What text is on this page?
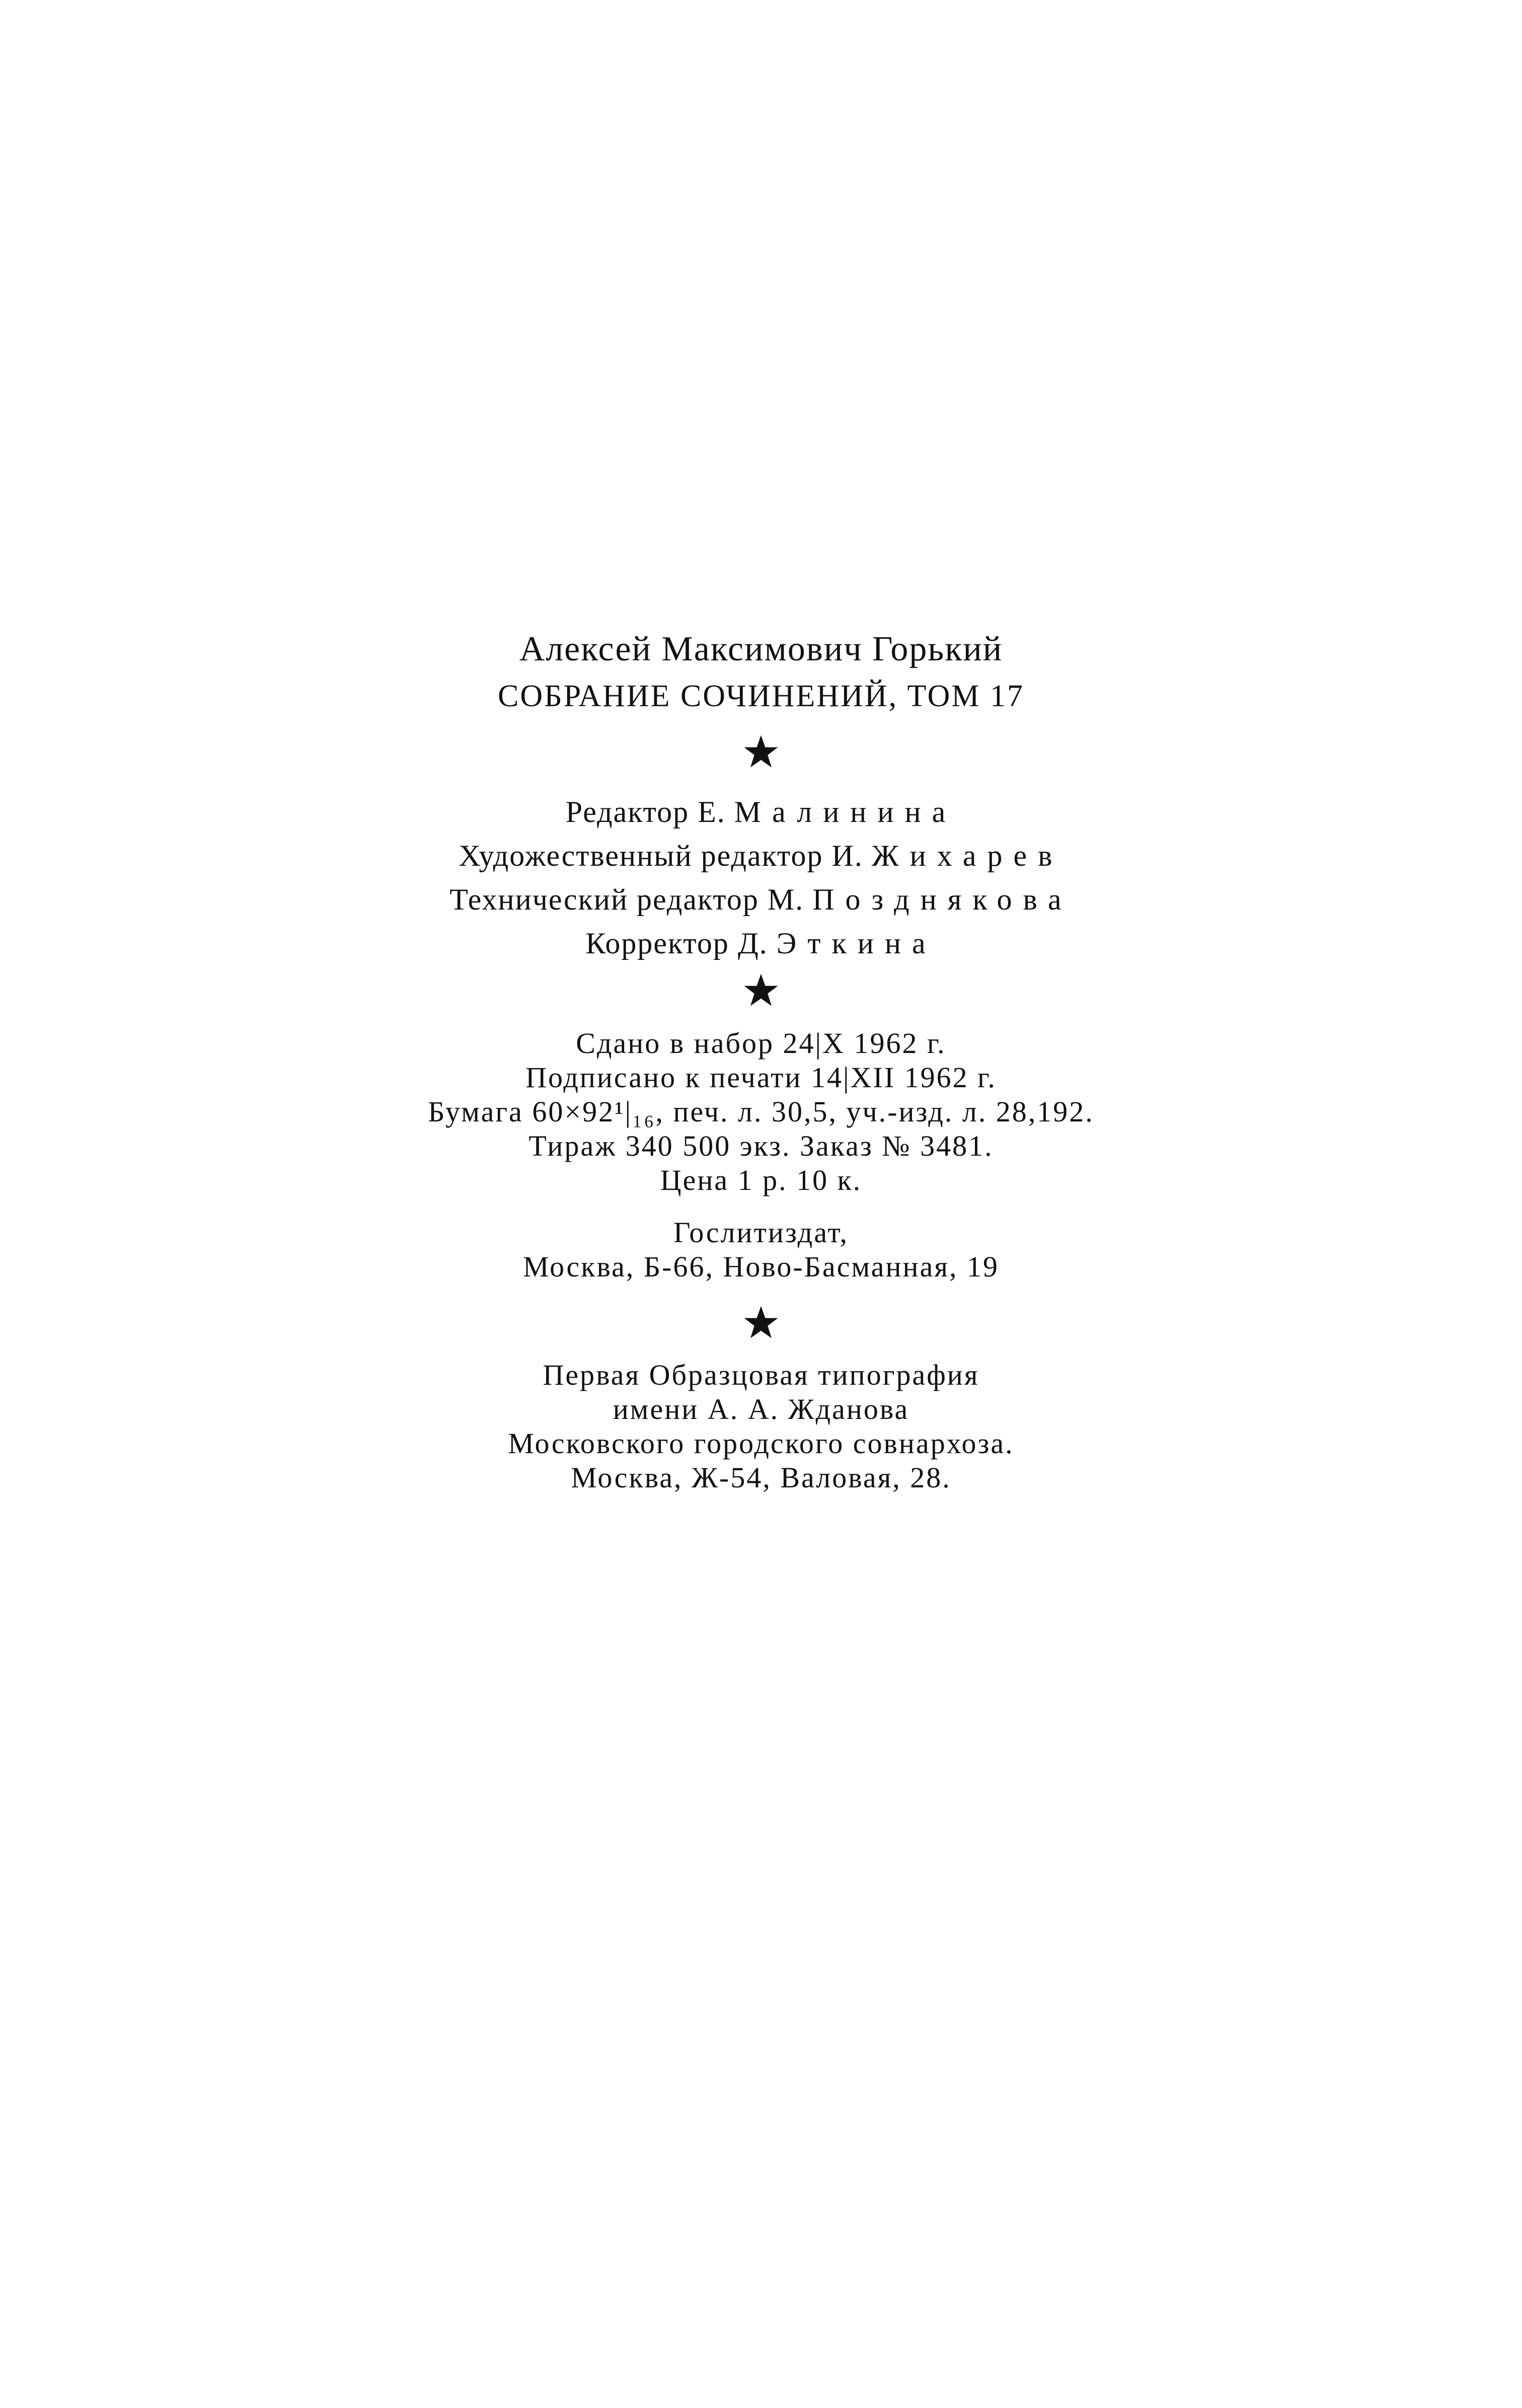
Алексей Максимович Горький
СОБРАНИЕ СОЧИНЕНИЙ, ТОМ 17
Редактор Е. Малинина
Художественный редактор И. Жихарев
Технический редактор М. Позднякова
Корректор Д. Эткина
Сдано в набор 24|X 1962 г.
Подписано к печати 14|XII 1962 г.
Бумага 60×92¹|₁₆, печ. л. 30,5, уч.-изд. л. 28,192.
Тираж 340 500 экз. Заказ № 3481.
Цена 1 р. 10 к.
Гослитиздат,
Москва, Б-66, Ново-Басманная, 19
Первая Образцовая типография
имени А. А. Жданова
Московского городского совнархоза.
Москва, Ж-54, Валовая, 28.
